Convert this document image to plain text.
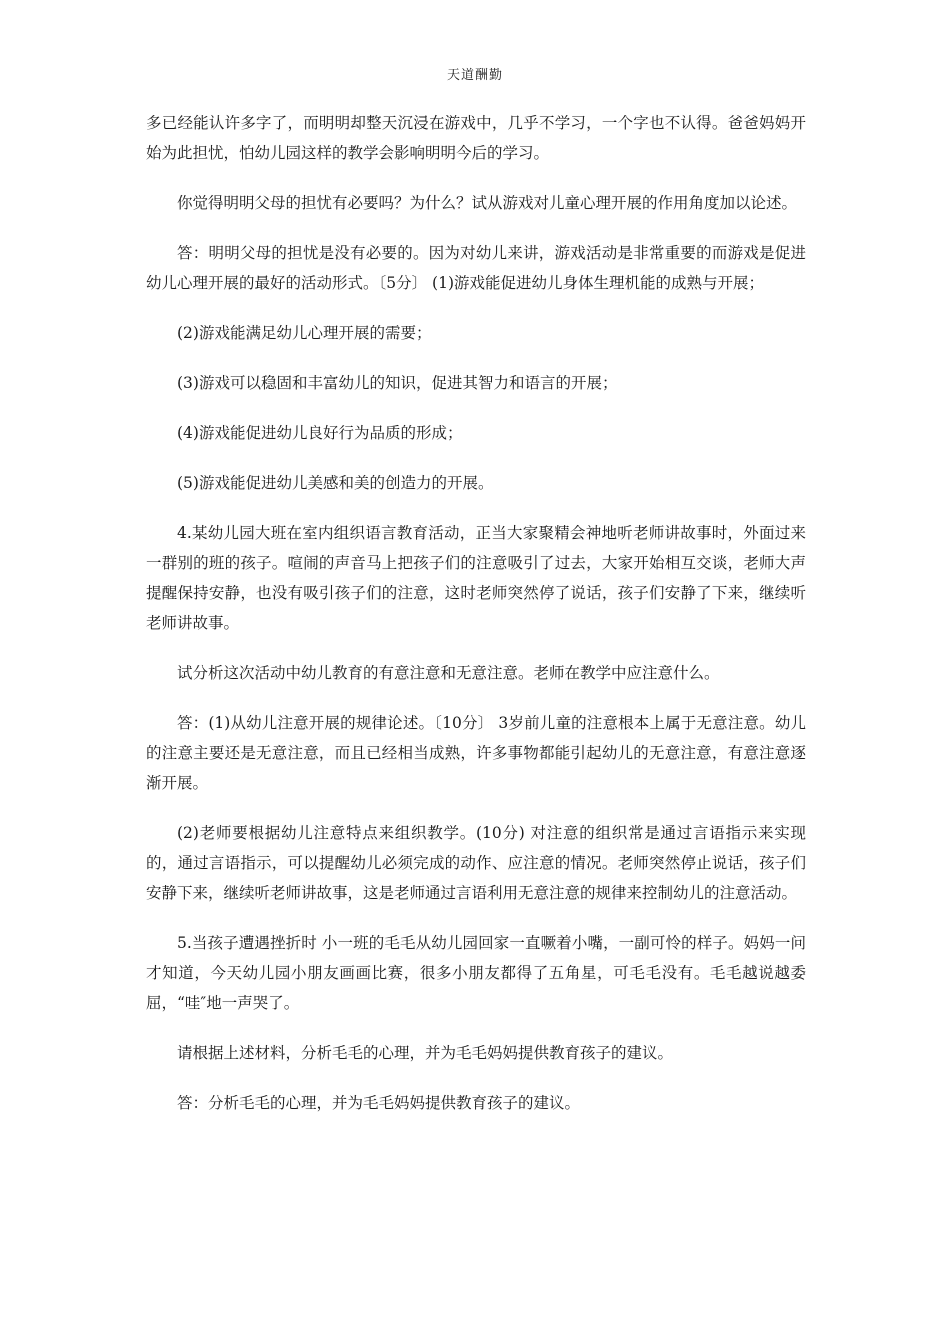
天道酬勤

多已经能认许多字了，而明明却整天沉浸在游戏中，几乎不学习，一个字也不认得。爸爸妈妈开始为此担忧，怕幼儿园这样的教学会影响明明今后的学习。

你觉得明明父母的担忧有必要吗？为什么？试从游戏对儿童心理开展的作用角度加以论述。

答：明明父母的担忧是没有必要的。因为对幼儿来讲，游戏活动是非常重要的而游戏是促进幼儿心理开展的最好的活动形式。〔5分〕 (1)游戏能促进幼儿身体生理机能的成熟与开展；

(2)游戏能满足幼儿心理开展的需要；

(3)游戏可以稳固和丰富幼儿的知识，促进其智力和语言的开展；

(4)游戏能促进幼儿良好行为品质的形成；

(5)游戏能促进幼儿美感和美的创造力的开展。

4.某幼儿园大班在室内组织语言教育活动，正当大家聚精会神地听老师讲故事时，外面过来一群别的班的孩子。喧闹的声音马上把孩子们的注意吸引了过去，大家开始相互交谈，老师大声提醒保持安静，也没有吸引孩子们的注意，这时老师突然停了说话，孩子们安静了下来，继续听老师讲故事。

试分析这次活动中幼儿教育的有意注意和无意注意。老师在教学中应注意什么。

答：(1)从幼儿注意开展的规律论述。〔10分〕 3岁前儿童的注意根本上属于无意注意。幼儿的注意主要还是无意注意，而且已经相当成熟，许多事物都能引起幼儿的无意注意，有意注意逐渐开展。

(2)老师要根据幼儿注意特点来组织教学。(10分) 对注意的组织常是通过言语指示来实现的，通过言语指示，可以提醒幼儿必须完成的动作、应注意的情况。老师突然停止说话，孩子们安静下来，继续听老师讲故事，这是老师通过言语利用无意注意的规律来控制幼儿的注意活动。

5.当孩子遭遇挫折时 小一班的毛毛从幼儿园回家一直噘着小嘴，一副可怜的样子。妈妈一问才知道，今天幼儿园小朋友画画比赛，很多小朋友都得了五角星，可毛毛没有。毛毛越说越委屈，“哇″地一声哭了。

请根据上述材料，分析毛毛的心理，并为毛毛妈妈提供教育孩子的建议。

答：分析毛毛的心理，并为毛毛妈妈提供教育孩子的建议。
